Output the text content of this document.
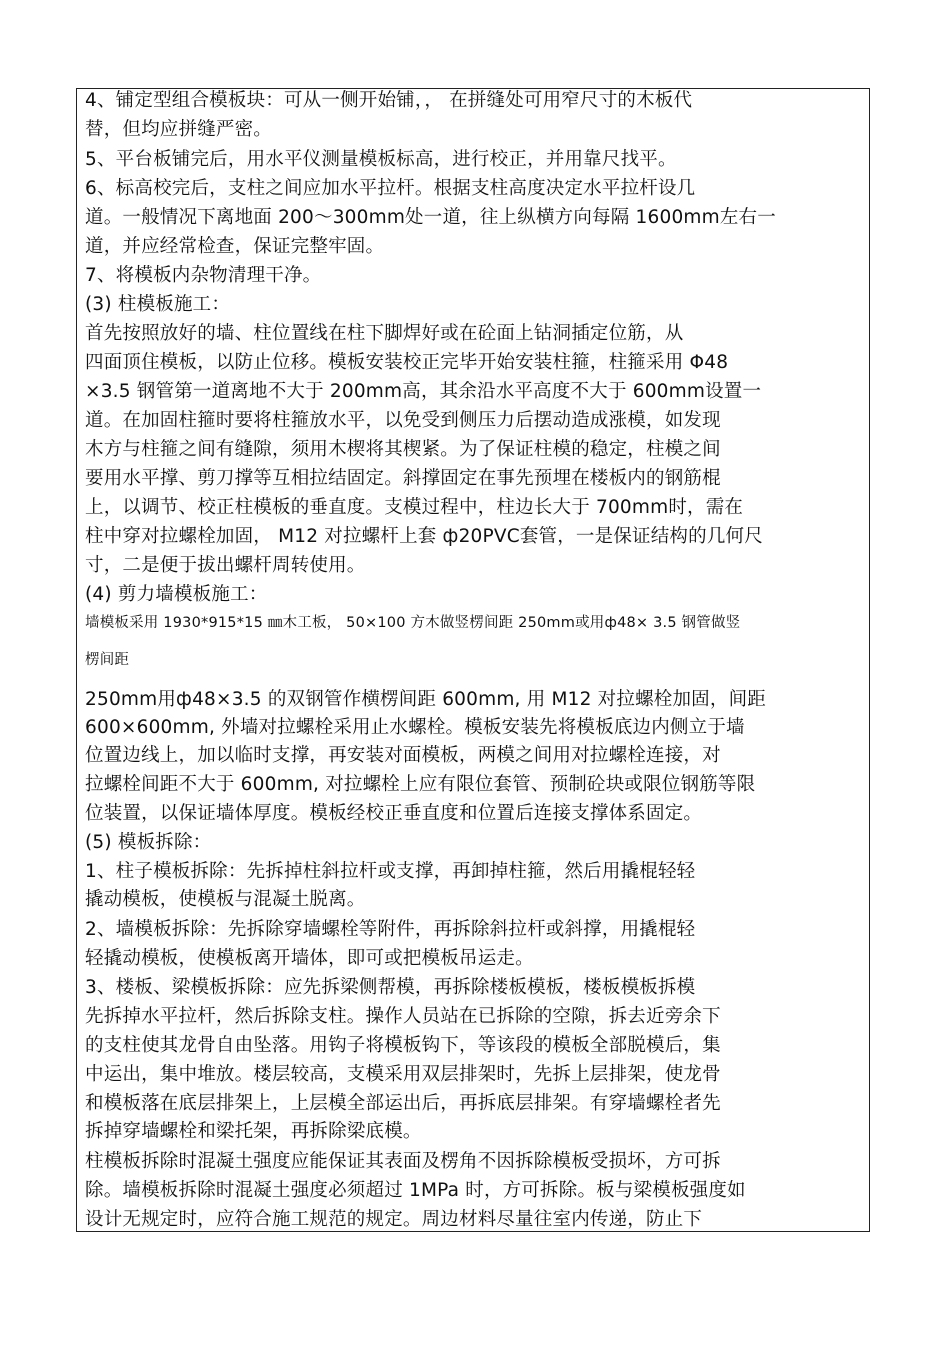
4、铺定型组合模板块：可从一侧开始铺，， 在拼缝处可用窄尺寸的木板代
替，但均应拼缝严密。
5、平台板铺完后，用水平仪测量模板标高，进行校正，并用靠尺找平。
6、标高校完后，支柱之间应加水平拉杆。根据支柱高度决定水平拉杆设几
道。一般情况下离地面 200～300mm处一道，往上纵横方向每隔 1600mm左右一
道，并应经常检查，保证完整牢固。
7、将模板内杂物清理干净。
(3) 柱模板施工：
首先按照放好的墙、柱位置线在柱下脚焊好或在砼面上钻洞插定位筋，从
四面顶住模板，以防止位移。模板安装校正完毕开始安装柱箍，柱箍采用 Φ48
×3.5 钢管第一道离地不大于 200mm高，其余沿水平高度不大于 600mm设置一
道。在加固柱箍时要将柱箍放水平，以免受到侧压力后摆动造成涨模，如发现
木方与柱箍之间有缝隙，须用木楔将其楔紧。为了保证柱模的稳定，柱模之间
要用水平撑、剪刀撑等互相拉结固定。斜撑固定在事先预埋在楼板内的钢筋棍
上，以调节、校正柱模板的垂直度。支模过程中，柱边长大于 700mm时，需在
柱中穿对拉螺栓加固， M12 对拉螺杆上套 ф20PVC套管，一是保证结构的几何尺
寸，二是便于拔出螺杆周转使用。
(4) 剪力墙模板施工：
墙模板采用 1930*915*15 ㎜木工板， 50×100 方木做竖楞间距 250mm或用ф48× 3.5 钢管做竖
楞间距
250mm用ф48×3.5 的双钢管作横楞间距 600mm, 用 M12 对拉螺栓加固，间距
600×600mm, 外墙对拉螺栓采用止水螺栓。模板安装先将模板底边内侧立于墙
位置边线上，加以临时支撑，再安装对面模板，两模之间用对拉螺栓连接，对
拉螺栓间距不大于 600mm, 对拉螺栓上应有限位套管、预制砼块或限位钢筋等限
位装置，以保证墙体厚度。模板经校正垂直度和位置后连接支撑体系固定。
(5) 模板拆除：
1、柱子模板拆除：先拆掉柱斜拉杆或支撑，再卸掉柱箍，然后用撬棍轻轻
撬动模板，使模板与混凝土脱离。
2、墙模板拆除：先拆除穿墙螺栓等附件，再拆除斜拉杆或斜撑，用撬棍轻
轻撬动模板，使模板离开墙体，即可或把模板吊运走。
3、楼板、梁模板拆除：应先拆梁侧帮模，再拆除楼板模板，楼板模板拆模
先拆掉水平拉杆，然后拆除支柱。操作人员站在已拆除的空隙，拆去近旁余下
的支柱使其龙骨自由坠落。用钩子将模板钩下，等该段的模板全部脱模后，集
中运出，集中堆放。楼层较高，支模采用双层排架时，先拆上层排架，使龙骨
和模板落在底层排架上，上层模全部运出后，再拆底层排架。有穿墙螺栓者先
拆掉穿墙螺栓和梁托架，再拆除梁底模。
柱模板拆除时混凝土强度应能保证其表面及楞角不因拆除模板受损坏，方可拆
除。墙模板拆除时混凝土强度必须超过 1MPa 时，方可拆除。板与梁模板强度如
设计无规定时，应符合施工规范的规定。周边材料尽量往室内传递，防止下
